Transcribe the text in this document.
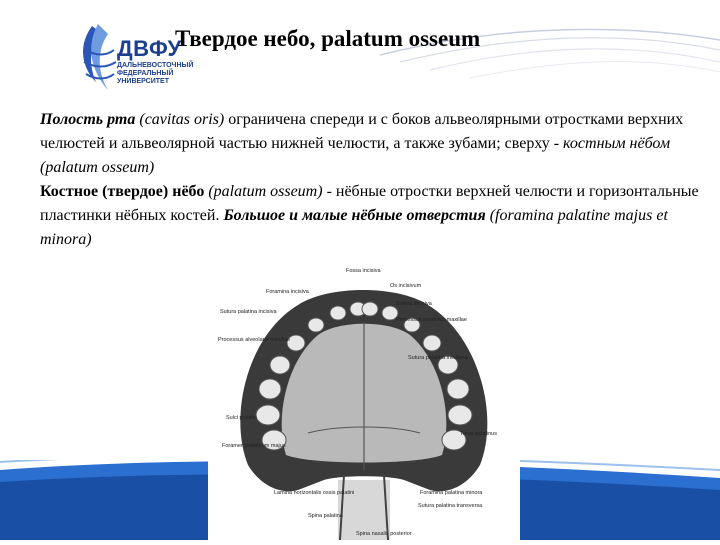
ДВФУ
ДАЛЬНЕВОСТОЧНЫЙ
ФЕДЕРАЛЬНЫЙ
УНИВЕРСИТЕТ
Твердое небо, palatum osseum

Полость рта (cavitas oris) ограничена спереди и с боков альвеолярными отростками верхних челюстей и альвеолярной частью нижней челюсти, а также зубами; сверху - костным нёбом (palatum osseum)

Костное (твердое) нёбо (palatum osseum) - нёбные отростки верхней челюсти и горизонтальные пластинки нёбных костей. Большое и малые нёбные отверстия (foramina palatine majus et minora)

Fossa incisiva
Foramina incisiva
Os incisivum
Sutura palatina incisiva
Sutura incisiva
Processus palatinus maxillae
Processus alveolaris maxillae
Sutura palatina mediana
Sulci palatini
Foramen palatinum majus
Torus palatinus
Lamina horizontalis ossis palatini	Foramina palatina minora
Sutura palatina transversa
Spina palatina
Spina nasalis posterior
